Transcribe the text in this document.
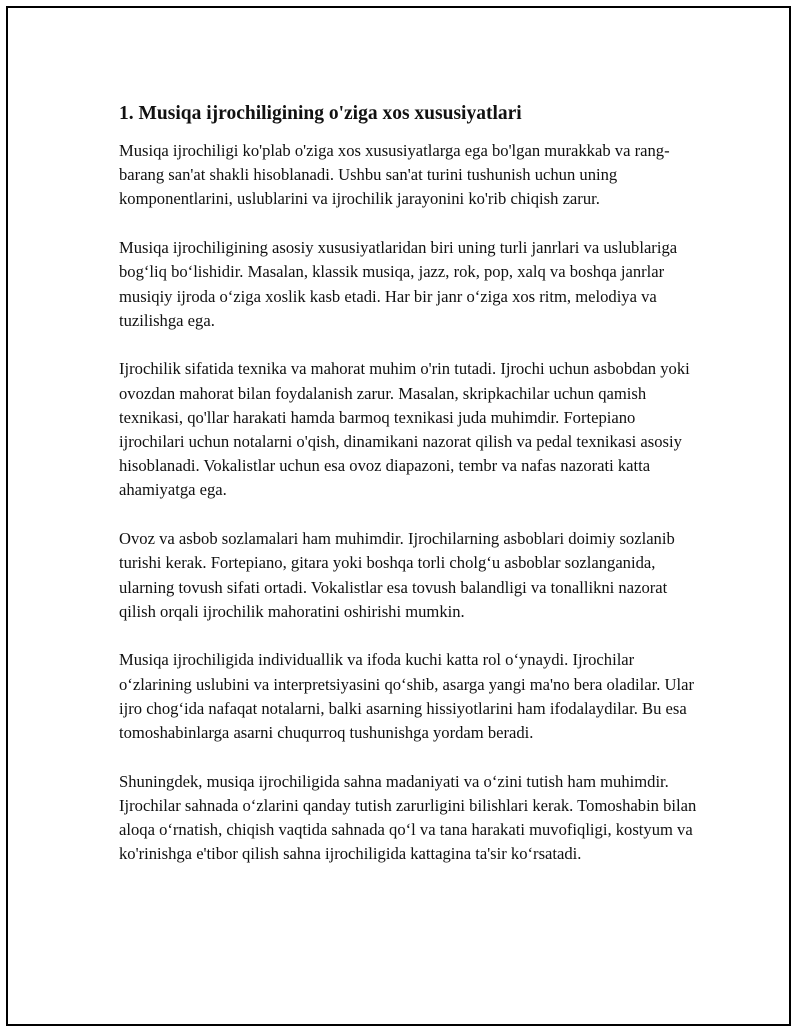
1. Musiqa ijrochiligining o'ziga xos xususiyatlari

Musiqa ijrochiligi ko'plab o'ziga xos xususiyatlarga ega bo'lgan murakkab va rang-barang san'at shakli hisoblanadi. Ushbu san'at turini tushunish uchun uning komponentlarini, uslublarini va ijrochilik jarayonini ko'rib chiqish zarur.

Musiqa ijrochiligining asosiy xususiyatlaridan biri uning turli janrlari va uslublariga bog‘liq bo‘lishidir. Masalan, klassik musiqa, jazz, rok, pop, xalq va boshqa janrlar musiqiy ijroda o‘ziga xoslik kasb etadi. Har bir janr o‘ziga xos ritm, melodiya va tuzilishga ega.

Ijrochilik sifatida texnika va mahorat muhim o'rin tutadi. Ijrochi uchun asbobdan yoki ovozdan mahorat bilan foydalanish zarur. Masalan, skripkachilar uchun qamish texnikasi, qo'llar harakati hamda barmoq texnikasi juda muhimdir. Fortepiano ijrochilari uchun notalarni o'qish, dinamikani nazorat qilish va pedal texnikasi asosiy hisoblanadi. Vokalistlar uchun esa ovoz diapazoni, tembr va nafas nazorati katta ahamiyatga ega.

Ovoz va asbob sozlamalari ham muhimdir. Ijrochilarning asboblari doimiy sozlanib turishi kerak. Fortepiano, gitara yoki boshqa torli cholg‘u asboblar sozlanganida, ularning tovush sifati ortadi. Vokalistlar esa tovush balandligi va tonallikni nazorat qilish orqali ijrochilik mahoratini oshirishi mumkin.

Musiqa ijrochiligida individuallik va ifoda kuchi katta rol o‘ynaydi. Ijrochilar o‘zlarining uslubini va interpretsiyasini qo‘shib, asarga yangi ma'no bera oladilar. Ular ijro chog‘ida nafaqat notalarni, balki asarning hissiyotlarini ham ifodalaydilar. Bu esa tomoshabinlarga asarni chuqurroq tushunishga yordam beradi.

Shuningdek, musiqa ijrochiligida sahna madaniyati va o‘zini tutish ham muhimdir. Ijrochilar sahnada o‘zlarini qanday tutish zarurligini bilishlari kerak. Tomoshabin bilan aloqa o‘rnatish, chiqish vaqtida sahnada qo‘l va tana harakati muvofiqligi, kostyum va ko'rinishga e'tibor qilish sahna ijrochiligida kattagina ta'sir ko‘rsatadi.
